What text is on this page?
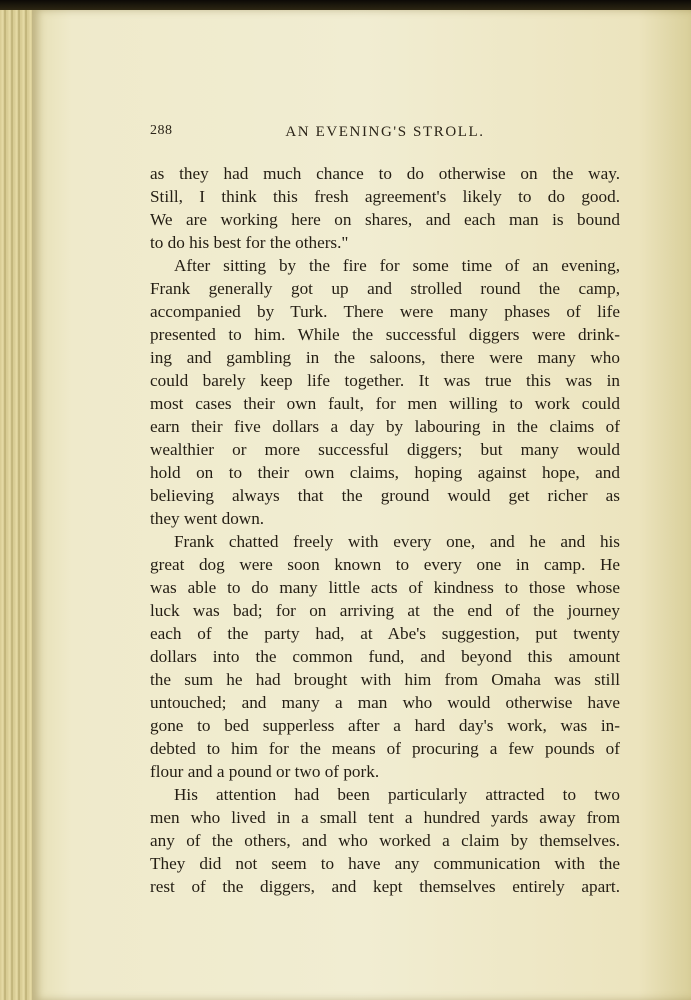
288	AN EVENING'S STROLL.
as they had much chance to do otherwise on the way.
Still, I think this fresh agreement's likely to do good.
We are working here on shares, and each man is bound
to do his best for the others."
After sitting by the fire for some time of an evening,
Frank generally got up and strolled round the camp,
accompanied by Turk. There were many phases of life
presented to him. While the successful diggers were drink-
ing and gambling in the saloons, there were many who
could barely keep life together. It was true this was in
most cases their own fault, for men willing to work could
earn their five dollars a day by labouring in the claims of
wealthier or more successful diggers; but many would
hold on to their own claims, hoping against hope, and
believing always that the ground would get richer as
they went down.
Frank chatted freely with every one, and he and his
great dog were soon known to every one in camp. He
was able to do many little acts of kindness to those whose
luck was bad; for on arriving at the end of the journey
each of the party had, at Abe's suggestion, put twenty
dollars into the common fund, and beyond this amount
the sum he had brought with him from Omaha was still
untouched; and many a man who would otherwise have
gone to bed supperless after a hard day's work, was in-
debted to him for the means of procuring a few pounds of
flour and a pound or two of pork.
His attention had been particularly attracted to two
men who lived in a small tent a hundred yards away from
any of the others, and who worked a claim by themselves.
They did not seem to have any communication with the
rest of the diggers, and kept themselves entirely apart.
